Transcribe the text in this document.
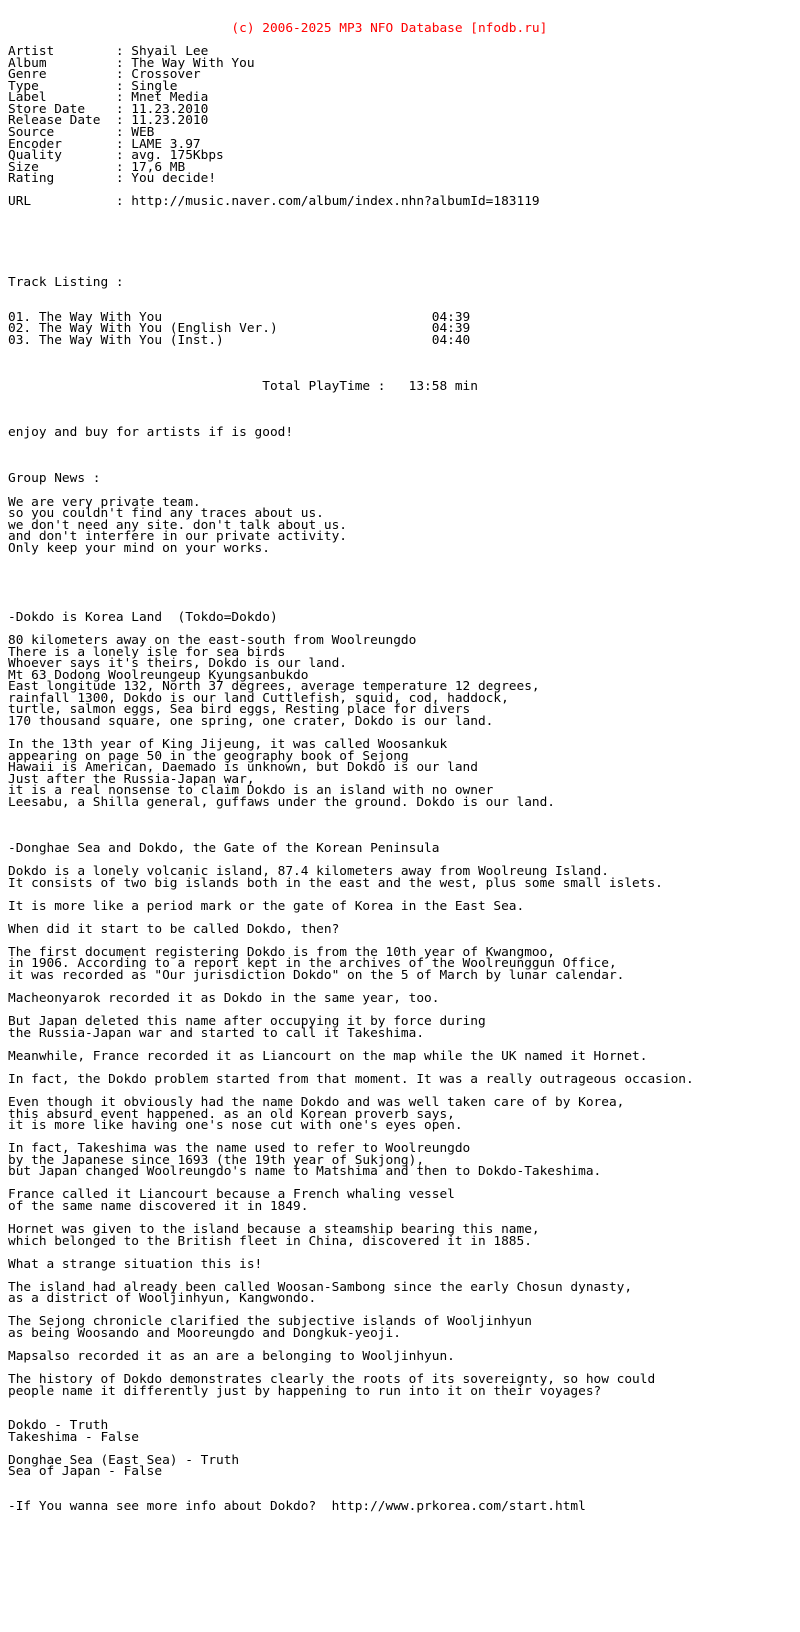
(c) 2006-2025 MP3 NFO Database [nfodb.ru]

Artist        : Shyail Lee
Album         : The Way With You
Genre         : Crossover
Type          : Single
Label         : Mnet Media
Store Date    : 11.23.2010
Release Date  : 11.23.2010
Source        : WEB
Encoder       : LAME 3.97
Quality       : avg. 175Kbps
Size          : 17,6 MB
Rating        : You decide!
URL           : http://music.naver.com/album/index.nhn?albumId=183119
Track Listing :
01. The Way With You                                   04:39
02. The Way With You (English Ver.)                    04:39
03. The Way With You (Inst.)                           04:40
Total PlayTime :   13:58 min
enjoy and buy for artists if is good!
Group News :
We are very private team.
so you couldn't find any traces about us.
we don't need any site. don't talk about us.
and don't interfere in our private activity.
Only keep your mind on your works.
-Dokdo is Korea Land  (Tokdo=Dokdo)
80 kilometers away on the east-south from Woolreungdo
There is a lonely isle for sea birds
Whoever says it's theirs, Dokdo is our land.
Mt 63 Dodong Woolreungeup Kyungsanbukdo
East longitude 132, North 37 degrees, average temperature 12 degrees,
rainfall 1300, Dokdo is our land Cuttlefish, squid, cod, haddock,
turtle, salmon eggs, Sea bird eggs, Resting place for divers
170 thousand square, one spring, one crater, Dokdo is our land.
In the 13th year of King Jijeung, it was called Woosankuk
appearing on page 50 in the geography book of Sejong
Hawaii is American, Daemado is unknown, but Dokdo is our land
Just after the Russia-Japan war,
it is a real nonsense to claim Dokdo is an island with no owner
Leesabu, a Shilla general, guffaws under the ground. Dokdo is our land.
-Donghae Sea and Dokdo, the Gate of the Korean Peninsula
Dokdo is a lonely volcanic island, 87.4 kilometers away from Woolreung Island.
It consists of two big islands both in the east and the west, plus some small islets.
It is more like a period mark or the gate of Korea in the East Sea.
When did it start to be called Dokdo, then?
The first document registering Dokdo is from the 10th year of Kwangmoo,
in 1906. According to a report kept in the archives of the Woolreunggun Office,
it was recorded as "Our jurisdiction Dokdo" on the 5 of March by lunar calendar.
Macheonyarok recorded it as Dokdo in the same year, too.
But Japan deleted this name after occupying it by force during
the Russia-Japan war and started to call it Takeshima.
Meanwhile, France recorded it as Liancourt on the map while the UK named it Hornet.
In fact, the Dokdo problem started from that moment. It was a really outrageous occasion.
Even though it obviously had the name Dokdo and was well taken care of by Korea,
this absurd event happened. as an old Korean proverb says,
it is more like having one's nose cut with one's eyes open.
In fact, Takeshima was the name used to refer to Woolreungdo
by the Japanese since 1693 (the 19th year of Sukjong),
but Japan changed Woolreungdo's name to Matshima and then to Dokdo-Takeshima.
France called it Liancourt because a French whaling vessel
of the same name discovered it in 1849.
Hornet was given to the island because a steamship bearing this name,
which belonged to the British fleet in China, discovered it in 1885.
What a strange situation this is!
The island had already been called Woosan-Sambong since the early Chosun dynasty,
as a district of Wooljinhyun, Kangwondo.
The Sejong chronicle clarified the subjective islands of Wooljinhyun
as being Woosando and Mooreungdo and Dongkuk-yeoji.
Mapsalso recorded it as an are a belonging to Wooljinhyun.
The history of Dokdo demonstrates clearly the roots of its sovereignty, so how could
people name it differently just by happening to run into it on their voyages?
Dokdo - Truth
Takeshima - False
Donghae Sea (East Sea) - Truth
Sea of Japan - False
-If You wanna see more info about Dokdo?  http://www.prkorea.com/start.html
